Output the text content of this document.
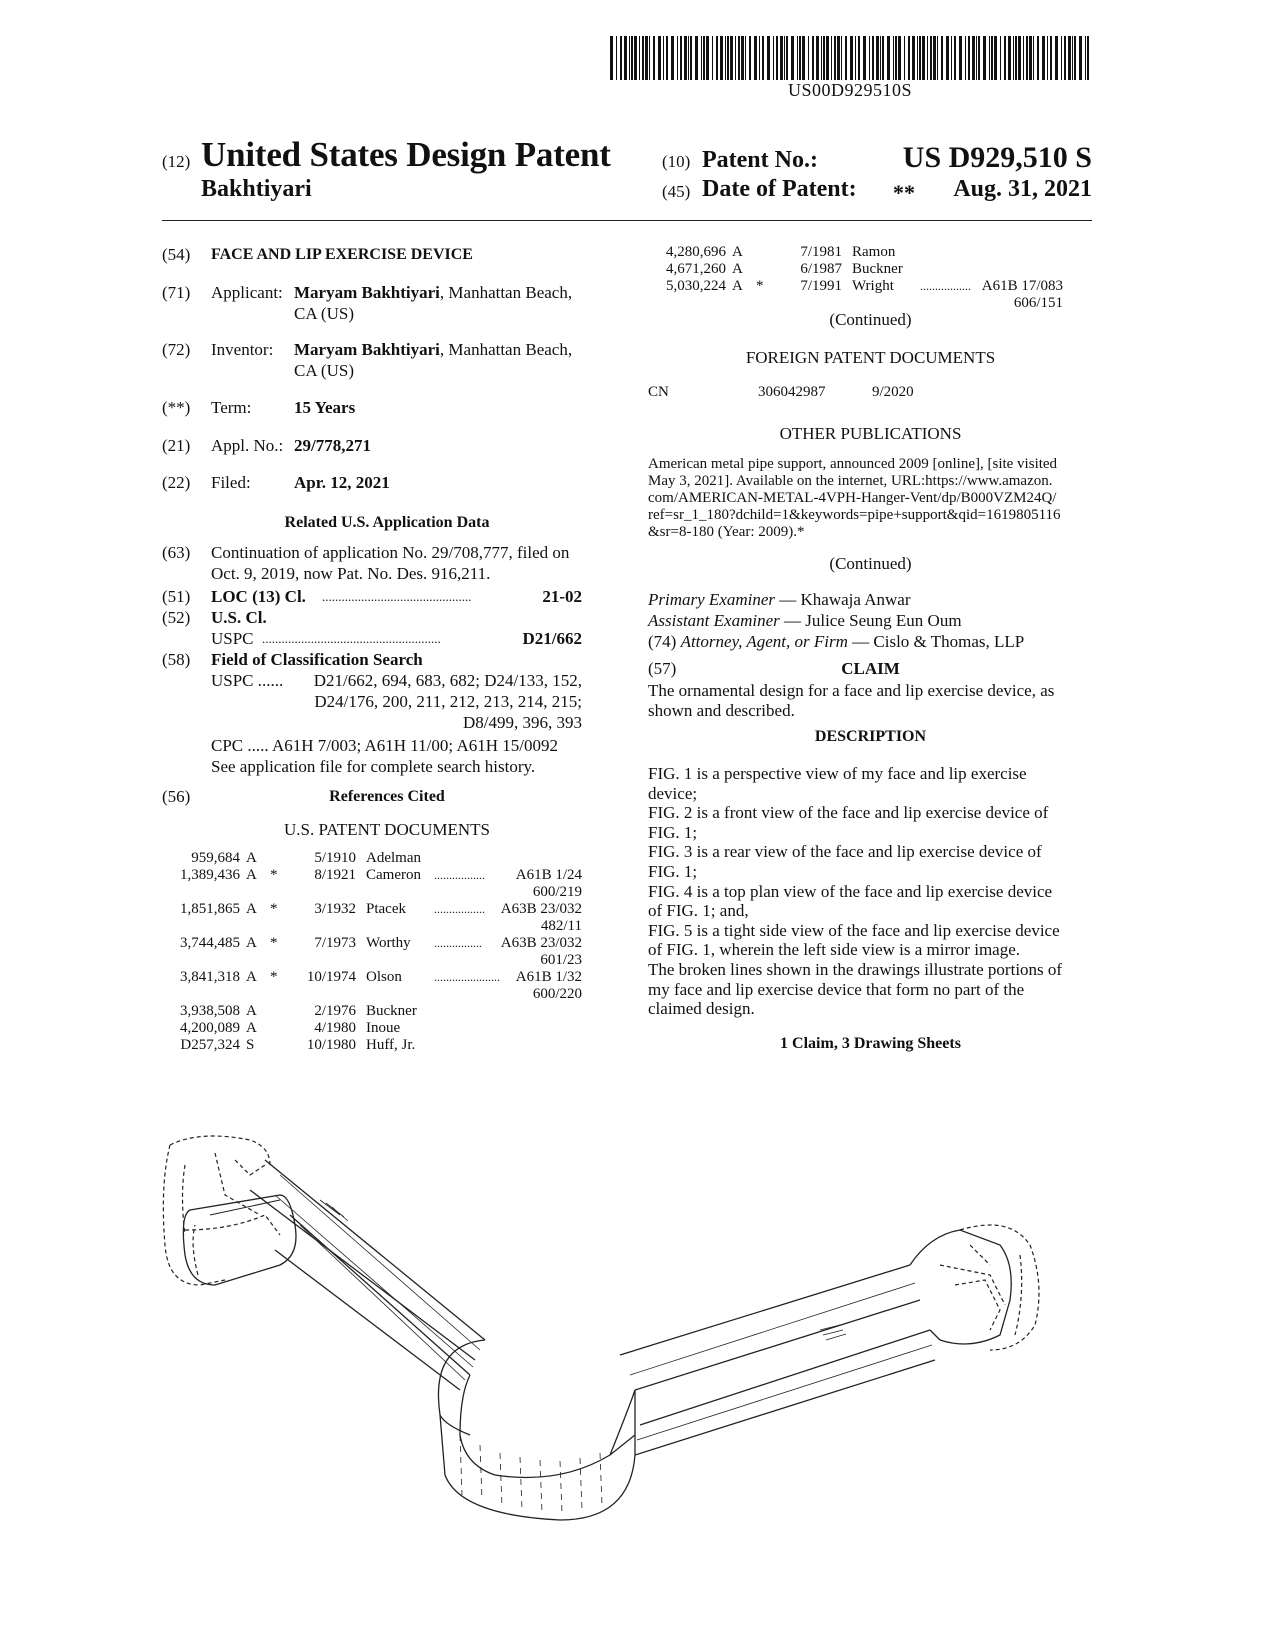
US00D929510S
(12) United States Design Patent
Bakhtiyari
(10) Patent No.:	US D929,510 S
(45) Date of Patent: ** Aug. 31, 2021
(54) FACE AND LIP EXERCISE DEVICE
(71) Applicant: Maryam Bakhtiyari, Manhattan Beach,
CA (US)
(72) Inventor: Maryam Bakhtiyari, Manhattan Beach,
CA (US)
(**) Term:	15 Years
(21) Appl. No.: 29/778,271
(22) Filed:	Apr. 12, 2021
Related U.S. Application Data
(63) Continuation of application No. 29/708,777, filed on
Oct. 9, 2019, now Pat. No. Des. 916,211.
(51) LOC (13) Cl. ..............................................	21-02
(52) U.S. Cl.
USPC .......................................................	D21/662
(58) Field of Classification Search
USPC ...... D21/662, 694, 683, 682; D24/133, 152,
D24/176, 200, 211, 212, 213, 214, 215;
D8/499, 396, 393
CPC ..... A61H 7/003; A61H 11/00; A61H 15/0092
See application file for complete search history.
(56)	References Cited
U.S. PATENT DOCUMENTS
959,684 A	5/1910 Adelman
1,389,436 A *	8/1921 Cameron ................. A61B 1/24
600/219
1,851,865 A *	3/1932 Ptacek ................. A63B 23/032
482/11
3,744,485 A *	7/1973 Worthy ................ A63B 23/032
601/23
3,841,318 A *	10/1974 Olson	...................... A61B 1/32
600/220
3,938,508 A	2/1976 Buckner
4,200,089 A	4/1980 Inoue
D257,324 S	10/1980 Huff, Jr.
4,280,696 A	7/1981 Ramon
4,671,260 A	6/1987 Buckner
5,030,224 A *	7/1991 Wright ................. A61B 17/083
606/151
(Continued)
FOREIGN PATENT DOCUMENTS
CN	306042987	9/2020
OTHER PUBLICATIONS
American metal pipe support, announced 2009 [online], [site visited
May 3, 2021]. Available on the internet, URL:https://www.amazon.
com/AMERICAN-METAL-4VPH-Hanger-Vent/dp/B000VZM24Q/
ref=sr_1_180?dchild=1&keywords=pipe+support&qid=1619805116
&sr=8-180 (Year: 2009).*
(Continued)
Primary Examiner — Khawaja Anwar
Assistant Examiner — Julice Seung Eun Oum
(74) Attorney, Agent, or Firm — Cislo & Thomas, LLP
(57)	CLAIM
The ornamental design for a face and lip exercise device, as
shown and described.
DESCRIPTION
FIG. 1 is a perspective view of my face and lip exercise
device;
FIG. 2 is a front view of the face and lip exercise device of
FIG. 1;
FIG. 3 is a rear view of the face and lip exercise device of
FIG. 1;
FIG. 4 is a top plan view of the face and lip exercise device
of FIG. 1; and,
FIG. 5 is a tight side view of the face and lip exercise device
of FIG. 1, wherein the left side view is a mirror image.
The broken lines shown in the drawings illustrate portions of
my face and lip exercise device that form no part of the
claimed design.
1 Claim, 3 Drawing Sheets
